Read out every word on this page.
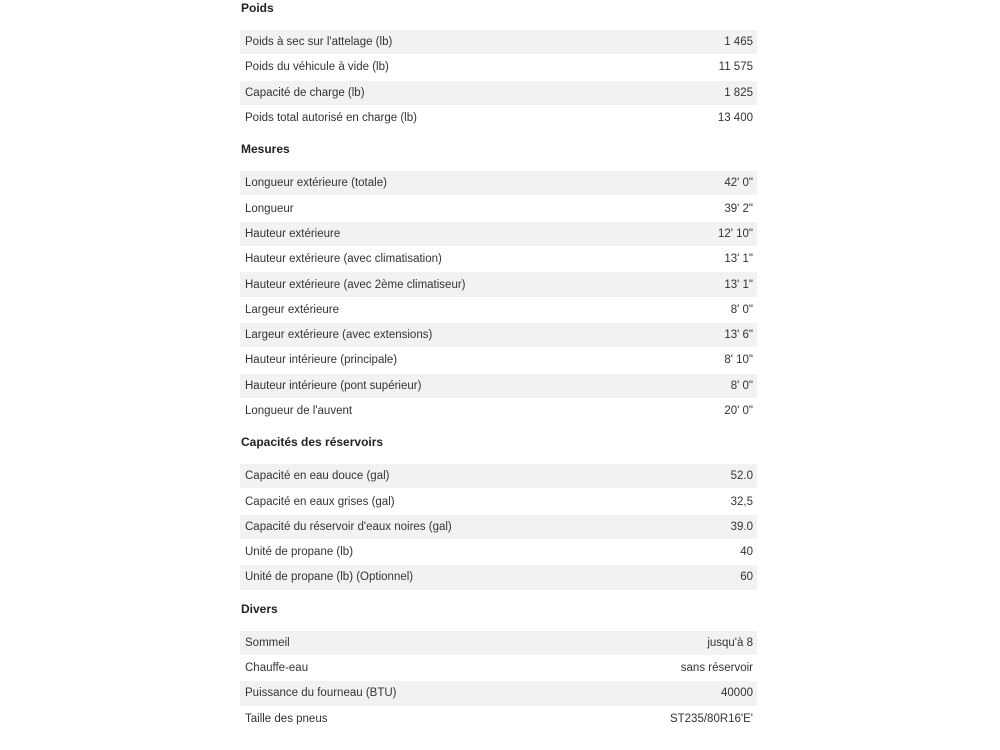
Poids
Poids à sec sur l'attelage (lb)	1 465
Poids du véhicule à vide (lb)	11 575
Capacité de charge (lb)	1 825
Poids total autorisé en charge (lb)	13 400
Mesures
Longueur extérieure (totale)	42' 0"
Longueur	39' 2"
Hauteur extérieure	12' 10"
Hauteur extérieure (avec climatisation)	13' 1"
Hauteur extérieure (avec 2ème climatiseur)	13' 1"
Largeur extérieure	8' 0"
Largeur extérieure (avec extensions)	13' 6"
Hauteur intérieure (principale)	8' 10"
Hauteur intérieure (pont supérieur)	8' 0"
Longueur de l'auvent	20' 0"
Capacités des réservoirs
Capacité en eau douce (gal)	52.0
Capacité en eaux grises (gal)	32,5
Capacité du réservoir d'eaux noires (gal)	39.0
Unité de propane (lb)	40
Unité de propane (lb) (Optionnel)	60
Divers
Sommeil	jusqu'à 8
Chauffe-eau	sans réservoir
Puissance du fourneau (BTU)	40000
Taille des pneus	ST235/80R16'E'
